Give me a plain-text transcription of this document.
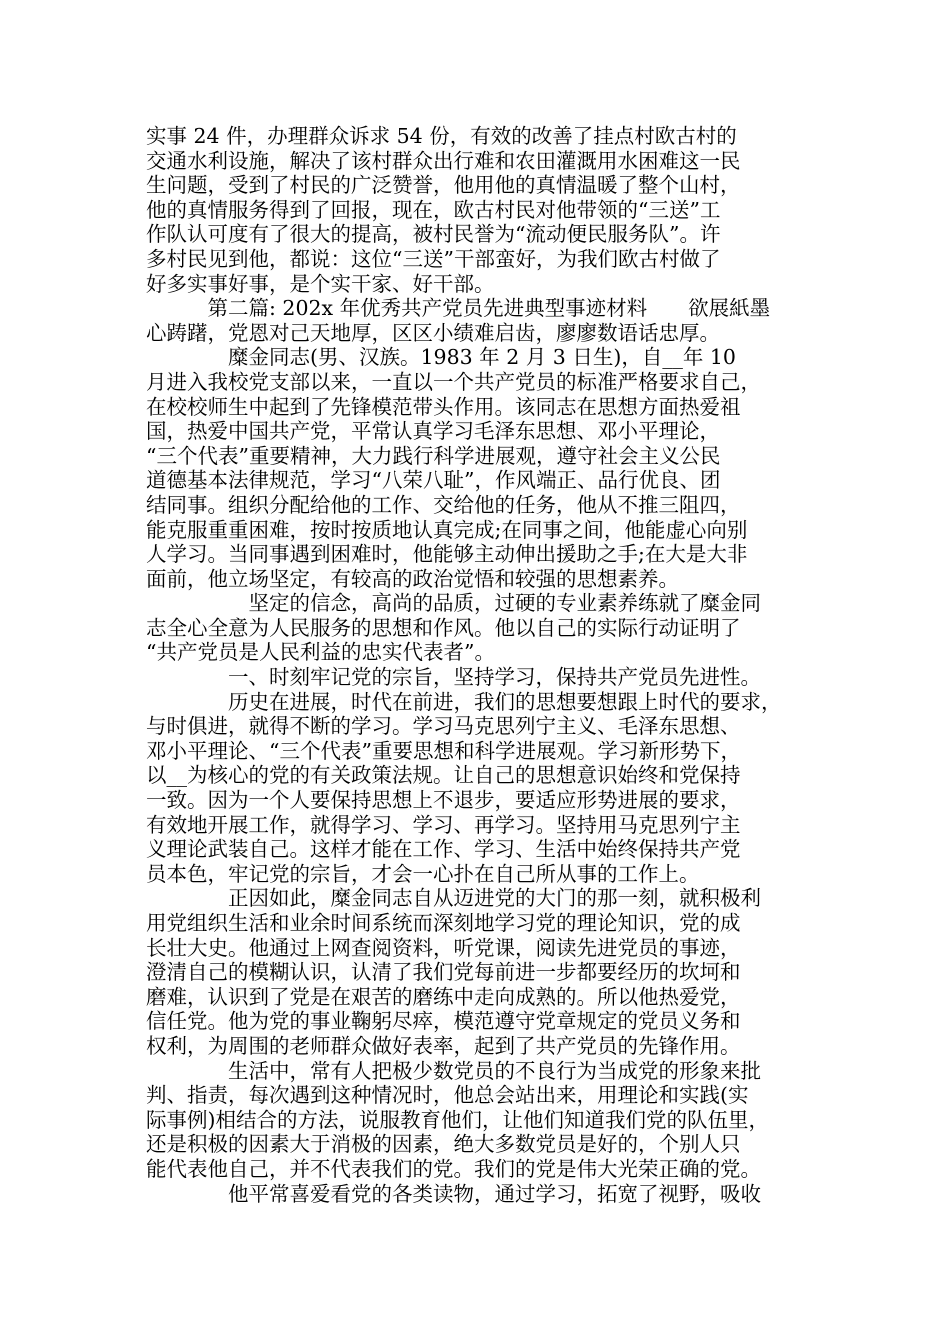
实事 24 件，办理群众诉求 54 份，有效的改善了挂点村欧古村的
交通水利设施，解决了该村群众出行难和农田灌溉用水困难这一民
生问题，受到了村民的广泛赞誉，他用他的真情温暖了整个山村，
他的真情服务得到了回报，现在，欧古村民对他带领的“三送”工
作队认可度有了很大的提高，被村民誉为“流动便民服务队”。许
多村民见到他，都说：这位“三送”干部蛮好，为我们欧古村做了
好多实事好事，是个实干家、好干部。
　　　第二篇: 202x 年优秀共产党员先进典型事迹材料　　欲展紙墨
心踌躇，党恩对己天地厚，区区小绩难启齿，廖廖数语话忠厚。
　　　　糜金同志(男、汉族。1983 年 2 月 3 日生)，自__年 10
月进入我校党支部以来，一直以一个共产党员的标准严格要求自己，
在校校师生中起到了先锋模范带头作用。该同志在思想方面热爱祖
国，热爱中国共产党，平常认真学习毛泽东思想、邓小平理论，
“三个代表”重要精神，大力践行科学进展观，遵守社会主义公民
道德基本法律规范，学习“八荣八耻”，作风端正、品行优良、团
结同事。组织分配给他的工作、交给他的任务，他从不推三阻四，
能克服重重困难，按时按质地认真完成;在同事之间，他能虚心向别
人学习。当同事遇到困难时，他能够主动伸出援助之手;在大是大非
面前，他立场坚定，有较高的政治觉悟和较强的思想素养。
　　　　　坚定的信念，高尚的品质，过硬的专业素养练就了糜金同
志全心全意为人民服务的思想和作风。他以自己的实际行动证明了
“共产党员是人民利益的忠实代表者”。
　　　　一、时刻牢记党的宗旨，坚持学习，保持共产党员先进性。
　　　　历史在进展，时代在前进，我们的思想要想跟上时代的要求，
与时俱进，就得不断的学习。学习马克思列宁主义、毛泽东思想、
邓小平理论、“三个代表”重要思想和科学进展观。学习新形势下，
以__为核心的党的有关政策法规。让自己的思想意识始终和党保持
一致。因为一个人要保持思想上不退步，要适应形势进展的要求，
有效地开展工作，就得学习、学习、再学习。坚持用马克思列宁主
义理论武装自己。这样才能在工作、学习、生活中始终保持共产党
员本色，牢记党的宗旨，才会一心扑在自己所从事的工作上。
　　　　正因如此，糜金同志自从迈进党的大门的那一刻，就积极利
用党组织生活和业余时间系统而深刻地学习党的理论知识，党的成
长壮大史。他通过上网查阅资料，听党课，阅读先进党员的事迹，
澄清自己的模糊认识，认清了我们党每前进一步都要经历的坎坷和
磨难，认识到了党是在艰苦的磨练中走向成熟的。所以他热爱党，
信任党。他为党的事业鞠躬尽瘁，模范遵守党章规定的党员义务和
权利，为周围的老师群众做好表率，起到了共产党员的先锋作用。
　　　　生活中，常有人把极少数党员的不良行为当成党的形象来批
判、指责，每次遇到这种情况时，他总会站出来，用理论和实践(实
际事例)相结合的方法，说服教育他们，让他们知道我们党的队伍里，
还是积极的因素大于消极的因素，绝大多数党员是好的，个别人只
能代表他自己，并不代表我们的党。我们的党是伟大光荣正确的党。
　　　　他平常喜爱看党的各类读物，通过学习，拓宽了视野，吸收
